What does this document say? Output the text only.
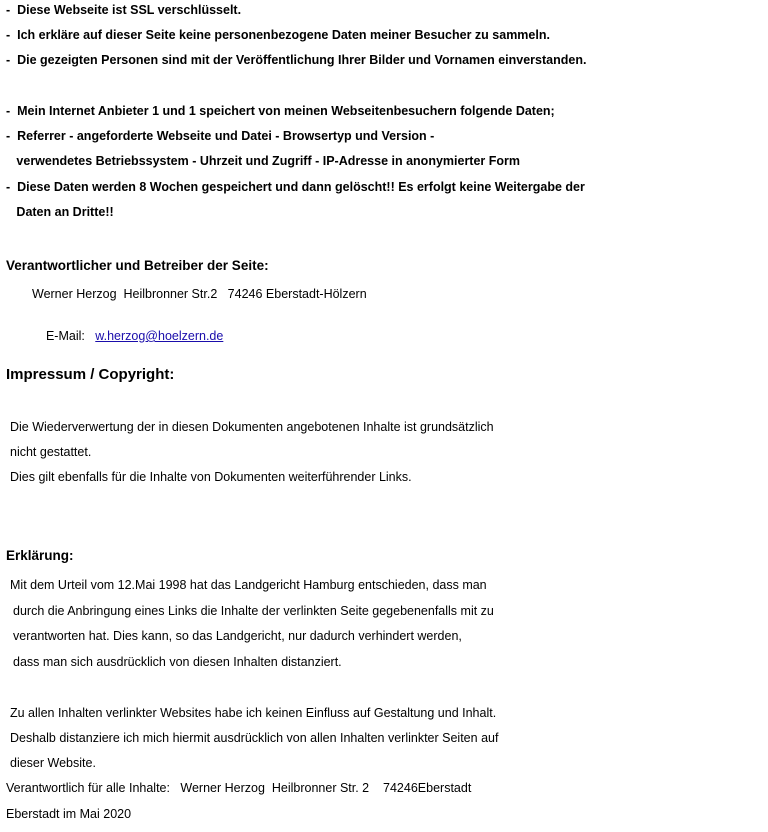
-  Diese Webseite ist SSL verschlüsselt.
-  Ich erkläre auf dieser Seite keine personenbezogene Daten meiner Besucher zu sammeln.
-  Die gezeigten Personen sind mit der Veröffentlichung Ihrer Bilder und Vornamen einverstanden.
-  Mein Internet Anbieter 1 und 1 speichert von meinen Webseitenbesuchern folgende Daten;
-  Referrer - angeforderte Webseite und Datei - Browsertyp und Version -
verwendetes Betriebssystem - Uhrzeit und Zugriff - IP-Adresse in anonymierter Form
-  Diese Daten werden 8 Wochen gespeichert und dann gelöscht!! Es erfolgt keine Weitergabe der
Daten an Dritte!!
Verantwortlicher und Betreiber der Seite:
Werner Herzog  Heilbronner Str.2   74246 Eberstadt-Hölzern

E-Mail: w.herzog@hoelzern.de

Impressum / Copyright:
Die Wiederverwertung der in diesen Dokumenten angebotenen Inhalte ist grundsätzlich
nicht gestattet.
Dies gilt ebenfalls für die Inhalte von Dokumenten weiterführender Links.
Erklärung:
Mit dem Urteil vom 12.Mai 1998 hat das Landgericht Hamburg entschieden, dass man
durch die Anbringung eines Links die Inhalte der verlinkten Seite gegebenenfalls mit zu
verantworten hat. Dies kann, so das Landgericht, nur dadurch verhindert werden,
dass man sich ausdrücklich von diesen Inhalten distanziert.
Zu allen Inhalten verlinkter Websites habe ich keinen Einfluss auf Gestaltung und Inhalt.
Deshalb distanziere ich mich hiermit ausdrücklich von allen Inhalten verlinkter Seiten auf
dieser Website.
Verantwortlich für alle Inhalte:   Werner Herzog  Heilbronner Str. 2    74246Eberstadt
Eberstadt im Mai 2020
